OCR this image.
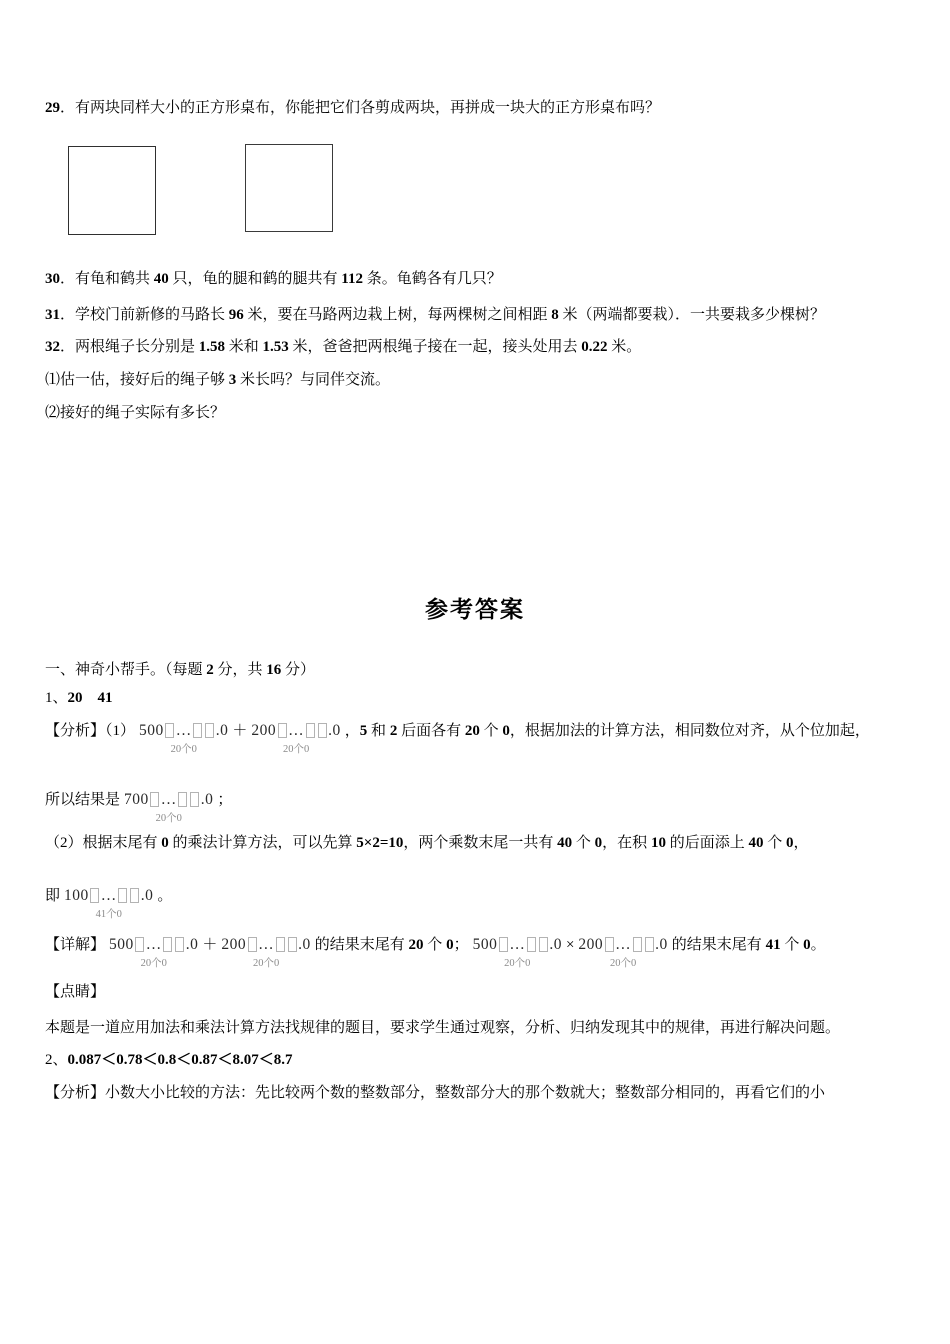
29．有两块同样大小的正方形桌布，你能把它们各剪成两块，再拼成一块大的正方形桌布吗？

30．有龟和鹤共 40 只，龟的腿和鹤的腿共有 112 条。龟鹤各有几只？

31．学校门前新修的马路长 96 米，要在马路两边栽上树，每两棵树之间相距 8 米（两端都要栽）．一共要栽多少棵树？

32．两根绳子长分别是 1.58 米和 1.53 米，爸爸把两根绳子接在一起，接头处用去 0.22 米。

⑴估一估，接好后的绳子够 3 米长吗？与同伴交流。

⑵接好的绳子实际有多长？

参考答案

一、神奇小帮手。（每题 2 分，共 16 分）

1、20　41

【分析】（1） 500 … .0
20个0
＋ 200 … .0
20个0
，5 和 2 后面各有 20 个 0，根据加法的计算方法，相同数位对齐，从个位加起，

所以结果是 700 … .0
20个0
；

（2）根据末尾有 0 的乘法计算方法，可以先算 5×2=10，两个乘数末尾一共有 40 个 0，在积 10 的后面添上 40 个 0，

即 100 … .0
41个0
。

【详解】 500 … .0
20个0
＋ 200 … .0
20个0
的结果末尾有 20 个 0； 500 … .0
20个0
× 200 … .0
20个0
的结果末尾有 41 个 0。

【点睛】

本题是一道应用加法和乘法计算方法找规律的题目，要求学生通过观察，分析、归纳发现其中的规律，再进行解决问题。

2、0.087＜0.78＜0.8＜0.87＜8.07＜8.7

【分析】小数大小比较的方法：先比较两个数的整数部分，整数部分大的那个数就大；整数部分相同的，再看它们的小
